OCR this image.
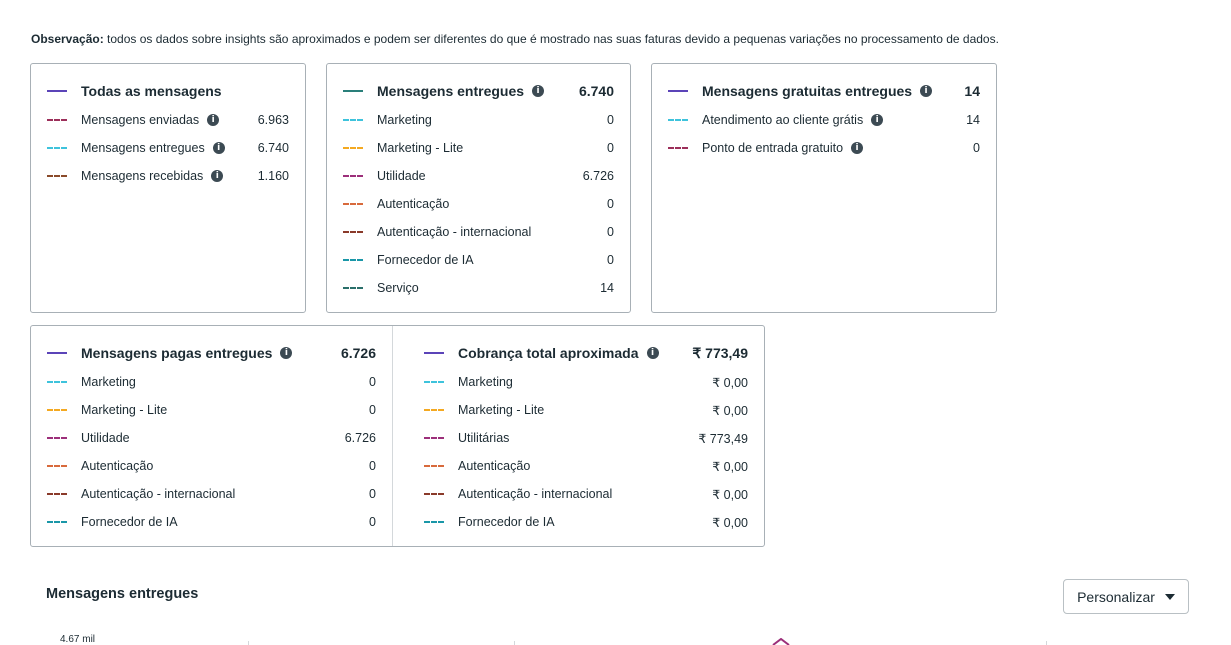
Observação: todos os dados sobre insights são aproximados e podem ser diferentes do que é mostrado nas suas faturas devido a pequenas variações no processamento de dados.
Todas as mensagens
Mensagens enviadas	i	6.963
Mensagens entregues	i	6.740
Mensagens recebidas	i	1.160
Mensagens entregues	i	6.740
Marketing	0
Marketing - Lite	0
Utilidade	6.726
Autenticação	0
Autenticação - internacional	0
Fornecedor de IA	0
Serviço	14
Mensagens gratuitas entregues	i	14
Atendimento ao cliente grátis	i	14
Ponto de entrada gratuito	i	0
Mensagens pagas entregues	i	6.726
Marketing	0
Marketing - Lite	0
Utilidade	6.726
Autenticação	0
Autenticação - internacional	0
Fornecedor de IA	0
Cobrança total aproximada	i	₹ 773,49
Marketing	₹ 0,00
Marketing - Lite	₹ 0,00
Utilitárias	₹ 773,49
Autenticação	₹ 0,00
Autenticação - internacional	₹ 0,00
Fornecedor de IA	₹ 0,00
Mensagens entregues	Personalizar
4.67 mil
